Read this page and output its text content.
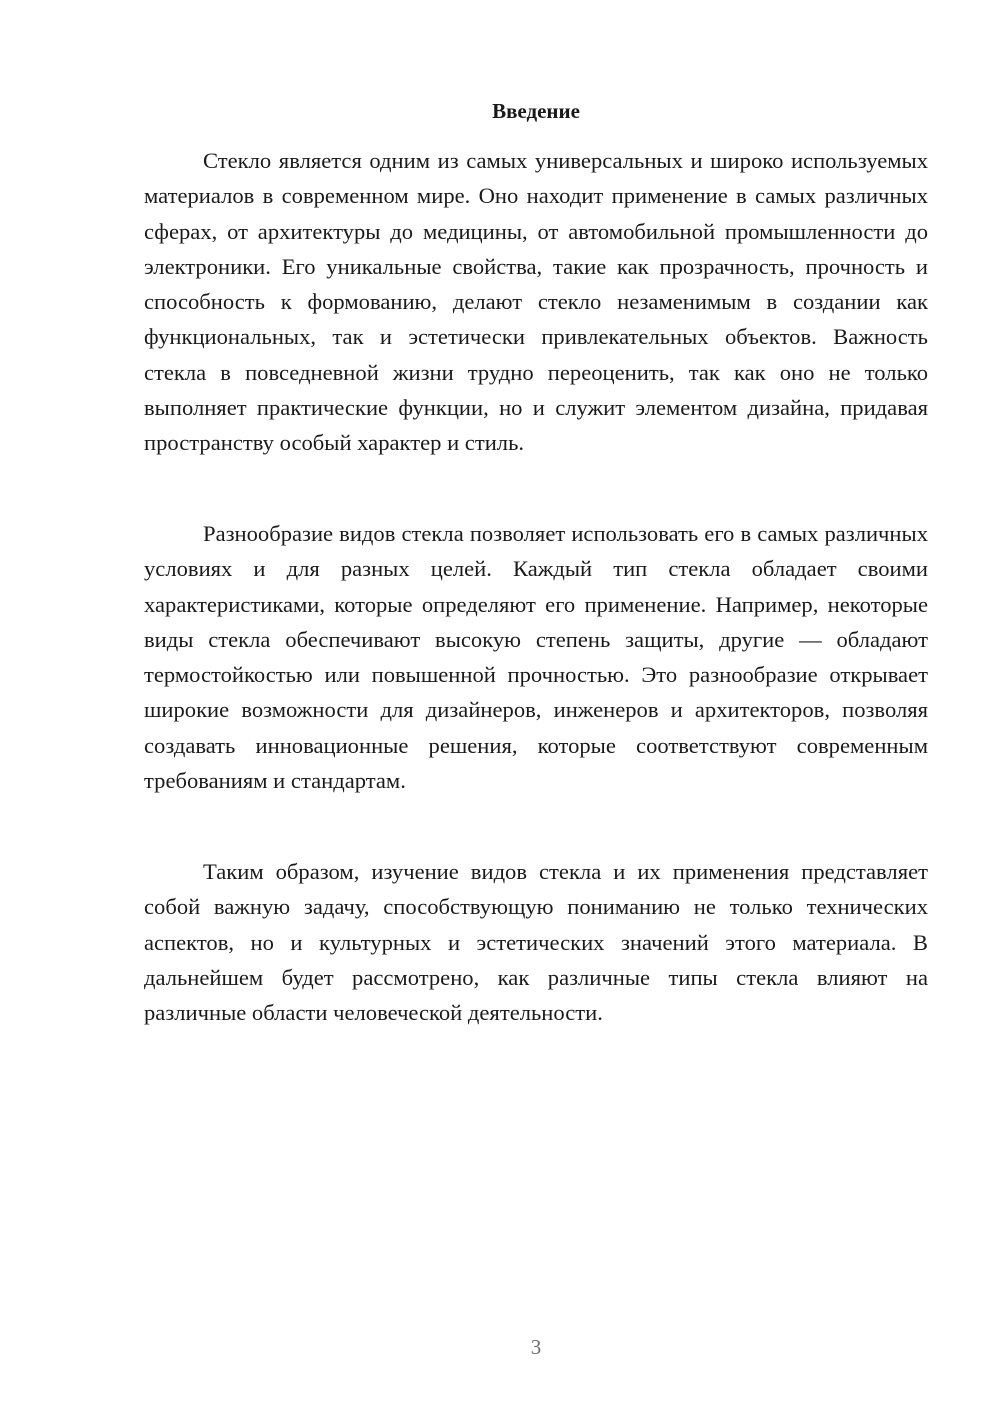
Введение

Стекло является одним из самых универсальных и широко используемых материалов в современном мире. Оно находит применение в самых различных сферах, от архитектуры до медицины, от автомобильной промышленности до электроники. Его уникальные свойства, такие как прозрачность, прочность и способность к формованию, делают стекло незаменимым в создании как функциональных, так и эстетически привлекательных объектов. Важность стекла в повседневной жизни трудно переоценить, так как оно не только выполняет практические функции, но и служит элементом дизайна, придавая пространству особый характер и стиль.

Разнообразие видов стекла позволяет использовать его в самых различных условиях и для разных целей. Каждый тип стекла обладает своими характеристиками, которые определяют его применение. Например, некоторые виды стекла обеспечивают высокую степень защиты, другие — обладают термостойкостью или повышенной прочностью. Это разнообразие открывает широкие возможности для дизайнеров, инженеров и архитекторов, позволяя создавать инновационные решения, которые соответствуют современным требованиям и стандартам.

Таким образом, изучение видов стекла и их применения представляет собой важную задачу, способствующую пониманию не только технических аспектов, но и культурных и эстетических значений этого материала. В дальнейшем будет рассмотрено, как различные типы стекла влияют на различные области человеческой деятельности.

3
